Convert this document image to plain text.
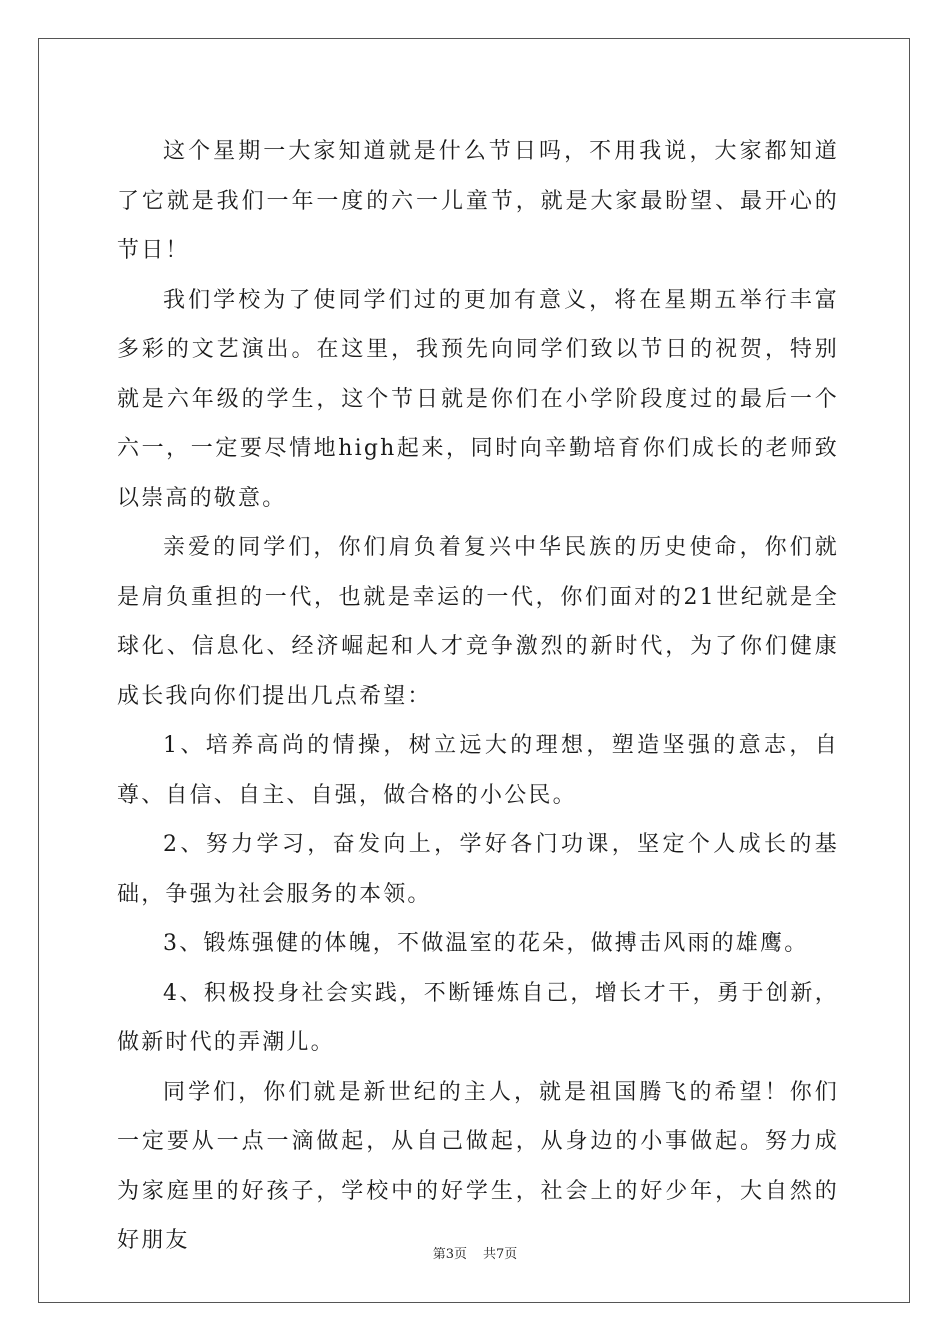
这个星期一大家知道就是什么节日吗，不用我说，大家都知道了它就是我们一年一度的六一儿童节，就是大家最盼望、最开心的节日！

我们学校为了使同学们过的更加有意义，将在星期五举行丰富多彩的文艺演出。在这里，我预先向同学们致以节日的祝贺，特别就是六年级的学生，这个节日就是你们在小学阶段度过的最后一个六一，一定要尽情地high起来，同时向辛勤培育你们成长的老师致以崇高的敬意。

亲爱的同学们，你们肩负着复兴中华民族的历史使命，你们就是肩负重担的一代，也就是幸运的一代，你们面对的21世纪就是全球化、信息化、经济崛起和人才竞争激烈的新时代，为了你们健康成长我向你们提出几点希望：

1、培养高尚的情操，树立远大的理想，塑造坚强的意志，自尊、自信、自主、自强，做合格的小公民。

2、努力学习，奋发向上，学好各门功课，坚定个人成长的基础，争强为社会服务的本领。

3、锻炼强健的体魄，不做温室的花朵，做搏击风雨的雄鹰。

4、积极投身社会实践，不断锤炼自己，增长才干，勇于创新，做新时代的弄潮儿。

同学们，你们就是新世纪的主人，就是祖国腾飞的希望！你们一定要从一点一滴做起，从自己做起，从身边的小事做起。努力成为家庭里的好孩子，学校中的好学生，社会上的好少年，大自然的好朋友

第3页 共7页
